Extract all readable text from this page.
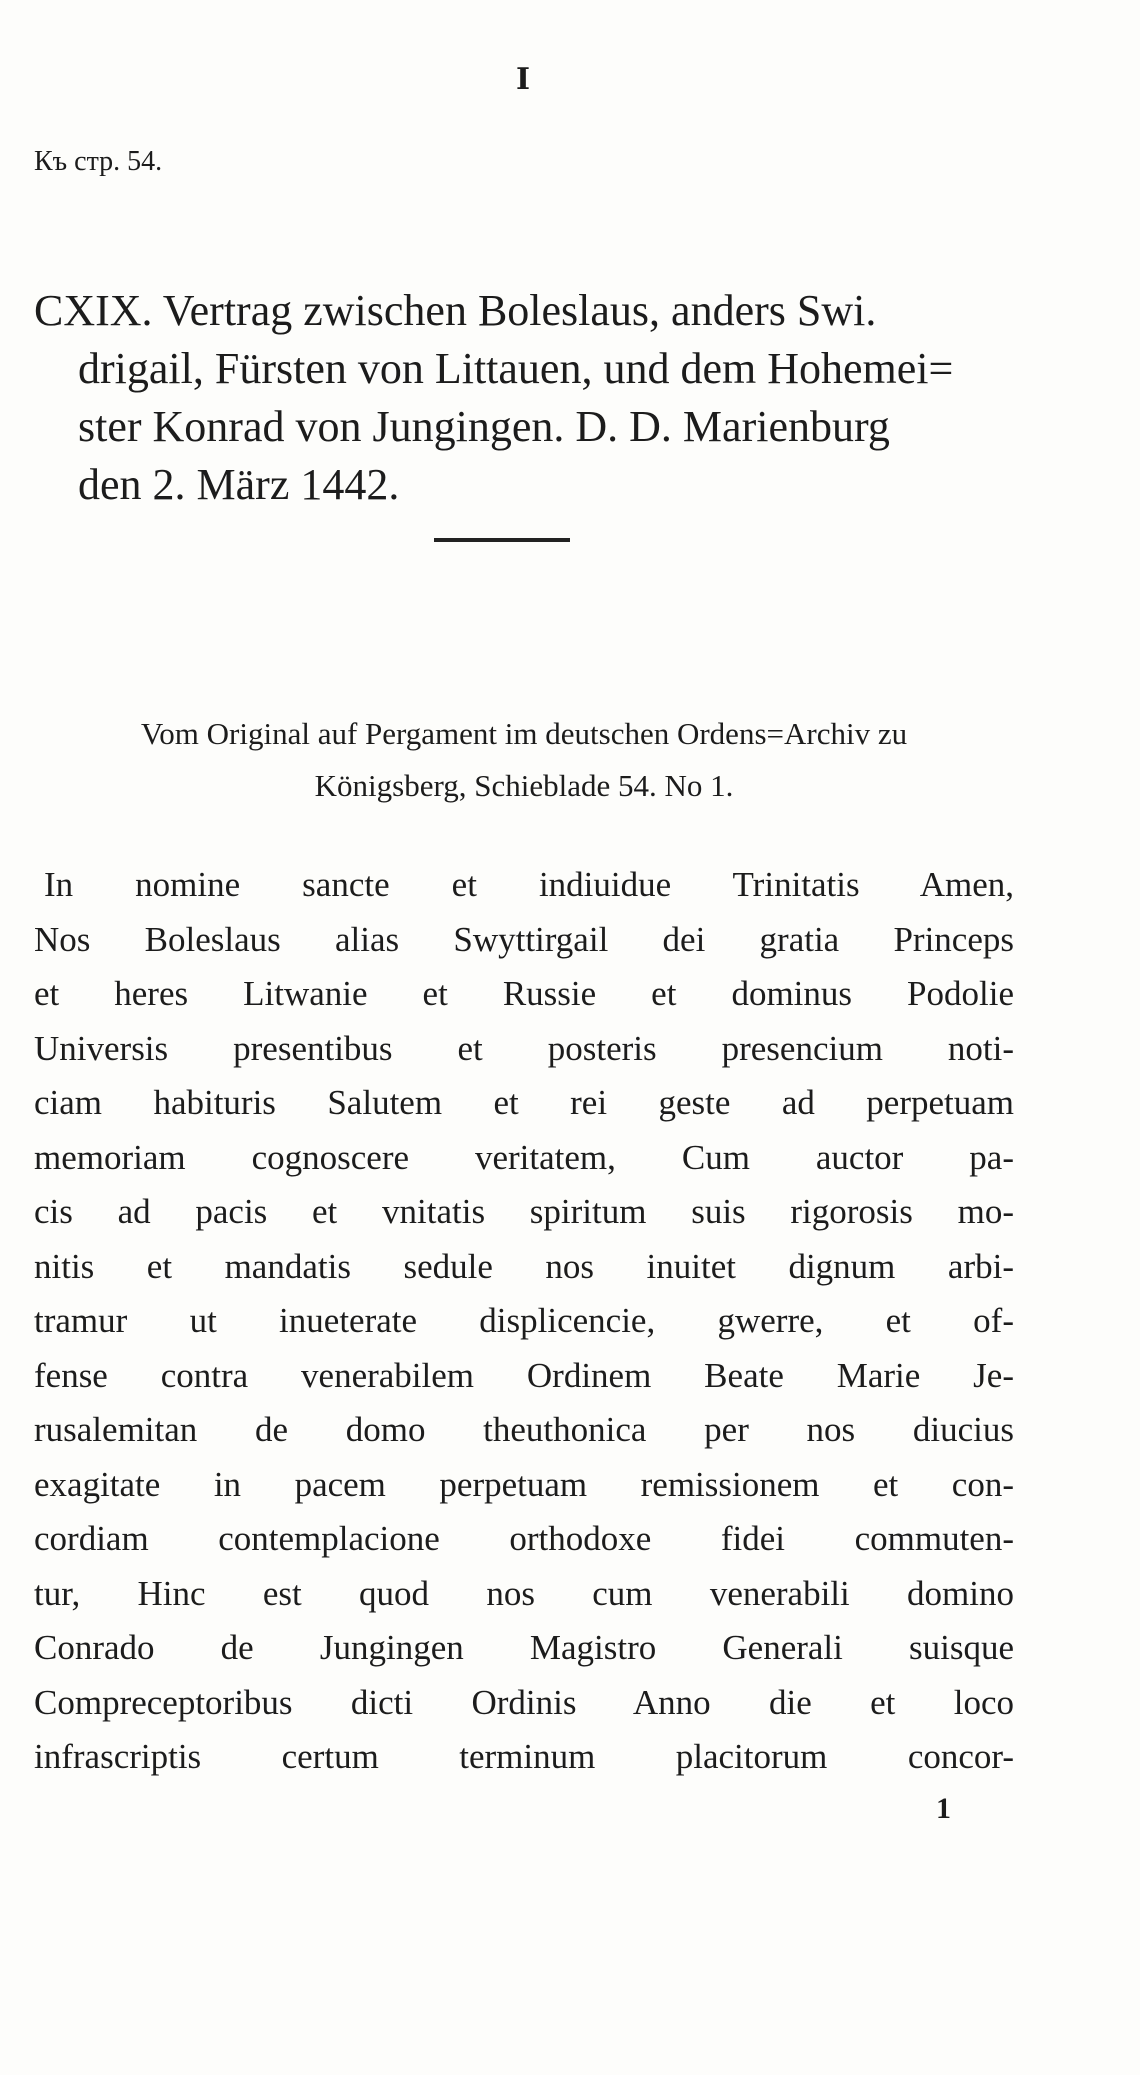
I
Къ стр. 54.
CXIX. Vertrag zwischen Boleslaus, anders Swi.
drigail, Fürsten von Littauen, und dem Hohemei=
ster Konrad von Jungingen. D. D. Marienburg
den 2. März 1442.
Vom Original auf Pergament im deutschen Ordens=Archiv zu
Königsberg, Schieblade 54. No 1.
In nomine sancte et indiuidue Trinitatis Amen,
Nos Boleslaus alias Swyttirgail dei gratia Princeps
et heres Litwanie et Russie et dominus Podolie
Universis presentibus et posteris presencium noti-
ciam habituris Salutem et rei geste ad perpetuam
memoriam cognoscere veritatem, Cum auctor pa-
cis ad pacis et vnitatis spiritum suis rigorosis mo-
nitis et mandatis sedule nos inuitet dignum arbi-
tramur ut inueterate displicencie, gwerre, et of-
fense contra venerabilem Ordinem Beate Marie Je-
rusalemitan de domo theuthonica per nos diucius
exagitate in pacem perpetuam remissionem et con-
cordiam contemplacione orthodoxe fidei commuten-
tur, Hinc est quod nos cum venerabili domino
Conrado de Jungingen Magistro Generali suisque
Compreceptoribus dicti Ordinis Anno die et loco
infrascriptis certum terminum placitorum concor-
1
